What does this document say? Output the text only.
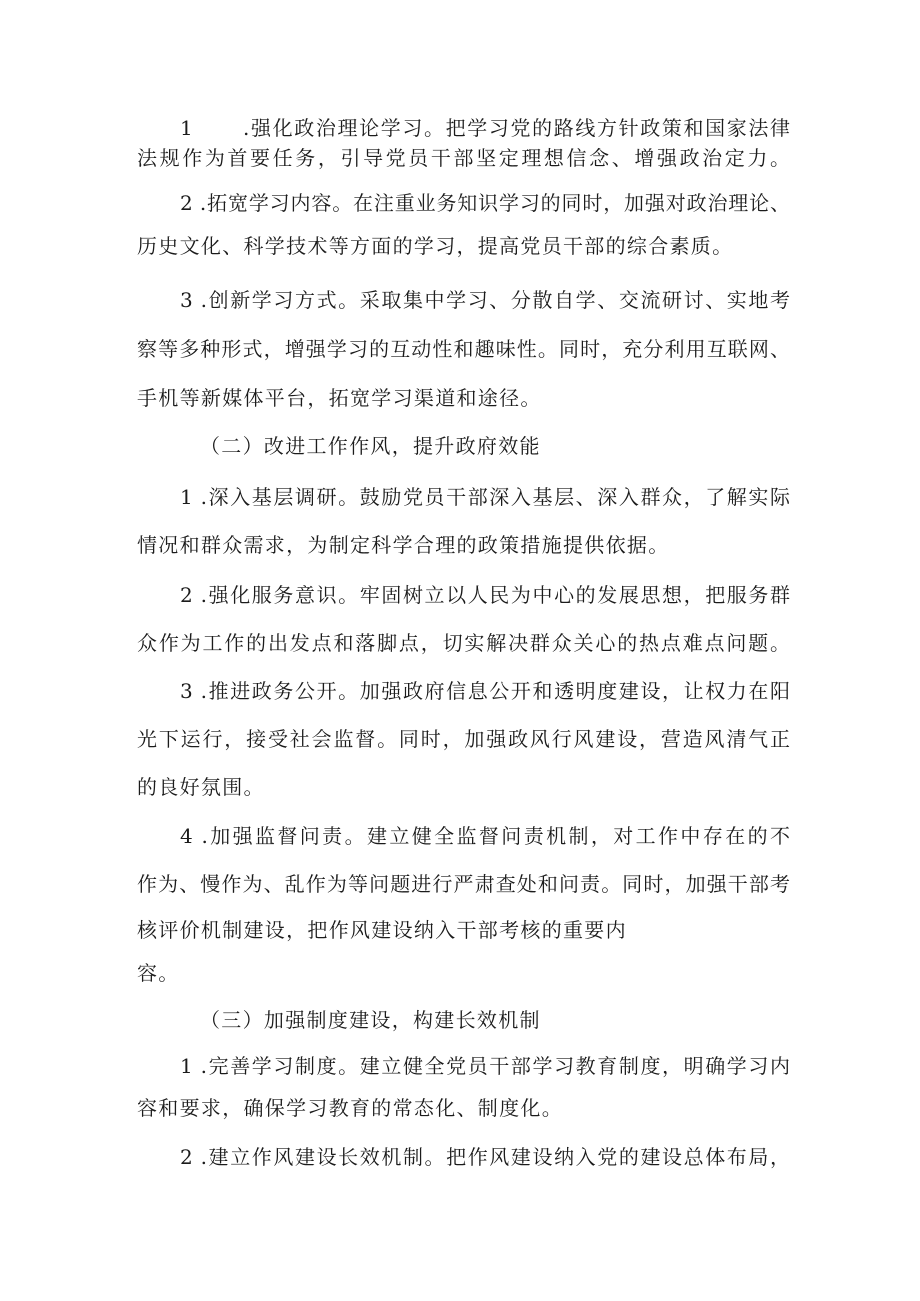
1	.强化政治理论学习。把学习党的路线方针政策和国家法律
法规作为首要任务，引导党员干部坚定理想信念、增强政治定力。
2 .拓宽学习内容。在注重业务知识学习的同时，加强对政治理论、
历史文化、科学技术等方面的学习，提高党员干部的综合素质。
3 .创新学习方式。采取集中学习、分散自学、交流研讨、实地考
察等多种形式，增强学习的互动性和趣味性。同时，充分利用互联网、
手机等新媒体平台，拓宽学习渠道和途径。
（二）改进工作作风，提升政府效能
1 .深入基层调研。鼓励党员干部深入基层、深入群众，了解实际
情况和群众需求，为制定科学合理的政策措施提供依据。
2 .强化服务意识。牢固树立以人民为中心的发展思想，把服务群
众作为工作的出发点和落脚点，切实解决群众关心的热点难点问题。
3 .推进政务公开。加强政府信息公开和透明度建设，让权力在阳
光下运行，接受社会监督。同时，加强政风行风建设，营造风清气正
的良好氛围。
4 .加强监督问责。建立健全监督问责机制，对工作中存在的不
作为、慢作为、乱作为等问题进行严肃查处和问责。同时，加强干部考
核评价机制建设，把作风建设纳入干部考核的重要内
容。
（三）加强制度建设，构建长效机制
1 .完善学习制度。建立健全党员干部学习教育制度，明确学习内
容和要求，确保学习教育的常态化、制度化。
2 .建立作风建设长效机制。把作风建设纳入党的建设总体布局，
